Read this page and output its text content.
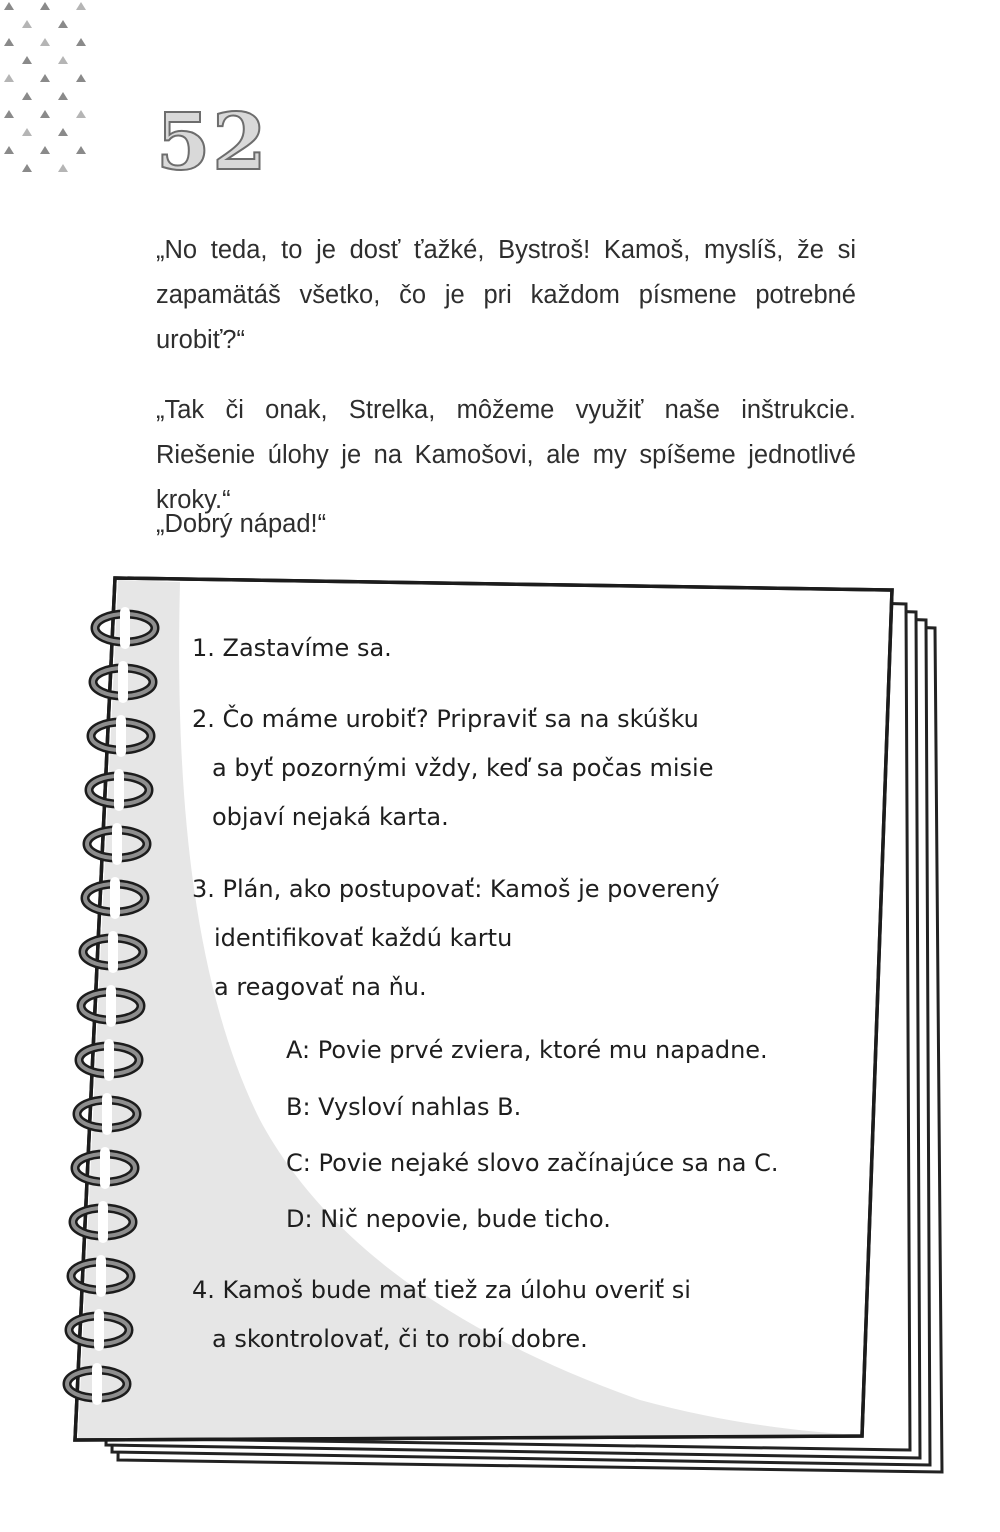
52
„No teda, to je dosť ťažké, Bystroš! Kamoš, myslíš, že si zapamätáš všetko, čo je pri každom písmene potrebné urobiť?“
„Tak či onak, Strelka, môžeme využiť naše inštrukcie. Riešenie úlohy je na Kamošovi, ale my spíšeme jednotlivé kroky.“
„Dobrý nápad!“
1. Zastavíme sa.
2. Čo máme urobiť? Pripraviť sa na skúšku
a byť pozornými vždy, keď sa počas misie
objaví nejaká karta.
3. Plán, ako postupovať: Kamoš je poverený
identifikovať každú kartu
a reagovať na ňu.
A: Povie prvé zviera, ktoré mu napadne.
B: Vysloví nahlas B.
C: Povie nejaké slovo začínajúce sa na C.
D: Nič nepovie, bude ticho.
4. Kamoš bude mať tiež za úlohu overiť si
a skontrolovať, či to robí dobre.
